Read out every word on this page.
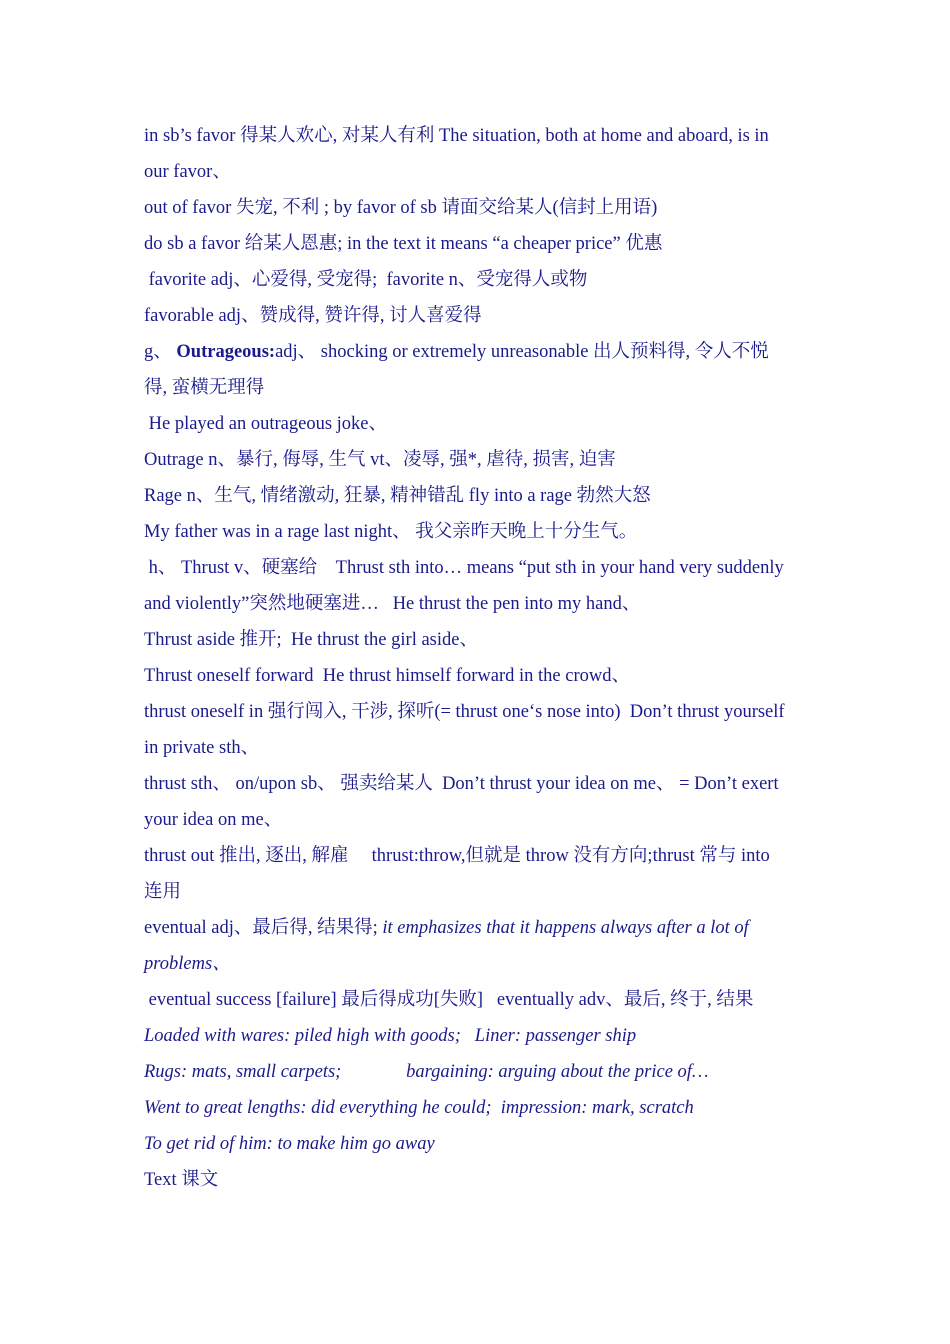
in sb’s favor 得某人欢心, 对某人有利 The situation, both at home and aboard, is in
our favor、
out of favor 失宠, 不利 ; by favor of sb 请面交给某人(信封上用语)
do sb a favor 给某人恩惠; in the text it means “a cheaper price” 优惠
favorite adj、心爱得, 受宠得;  favorite n、受宠得人或物
favorable adj、赞成得, 赞许得, 讨人喜爱得
g、 Outrageous:adj、 shocking or extremely unreasonable 出人预料得, 令人不悦
得, 蛮横无理得
He played an outrageous joke、
Outrage n、暴行, 侮辱, 生气 vt、凌辱, 强*, 虐待, 损害, 迫害
Rage n、生气, 情绪激动, 狂暴, 精神错乱 fly into a rage 勃然大怒
My father was in a rage last night、 我父亲昨天晚上十分生气。
h、 Thrust v、硬塞给    Thrust sth into… means “put sth in your hand very suddenly
and violently”突然地硬塞进…   He thrust the pen into my hand、
Thrust aside 推开;  He thrust the girl aside、
Thrust oneself forward  He thrust himself forward in the crowd、
thrust oneself in 强行闯入, 干涉, 探听(= thrust one‘s nose into)  Don’t thrust yourself
in private sth、
thrust sth、 on/upon sb、 强卖给某人  Don’t thrust your idea on me、 = Don’t exert
your idea on me、
thrust out 推出, 逐出, 解雇     thrust:throw,但就是 throw 没有方向;thrust 常与 into
连用
eventual adj、最后得, 结果得; it emphasizes that it happens always after a lot of
problems、
eventual success [failure] 最后得成功[失败]   eventually adv、最后, 终于, 结果
Loaded with wares: piled high with goods;   Liner: passenger ship
Rugs: mats, small carpets;              bargaining: arguing about the price of…
Went to great lengths: did everything he could;  impression: mark, scratch
To get rid of him: to make him go away
Text 课文
